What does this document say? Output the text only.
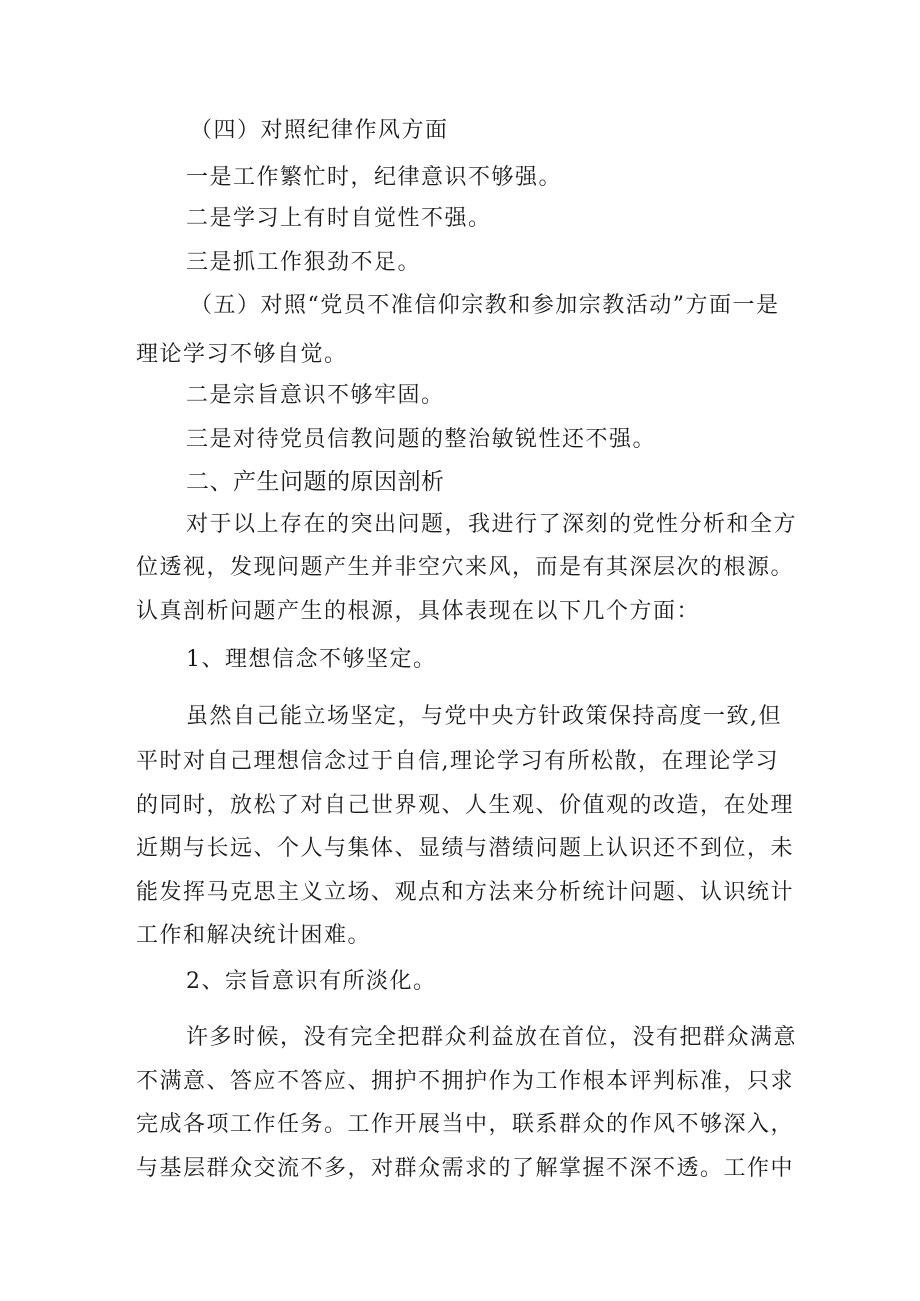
（四）对照纪律作风方面
一是工作繁忙时，纪律意识不够强。
二是学习上有时自觉性不强。
三是抓工作狠劲不足。
（五）对照“党员不准信仰宗教和参加宗教活动”方面一是
理论学习不够自觉。
二是宗旨意识不够牢固。
三是对待党员信教问题的整治敏锐性还不强。
二、产生问题的原因剖析
对于以上存在的突出问题，我进行了深刻的党性分析和全方
位透视，发现问题产生并非空穴来风，而是有其深层次的根源。
认真剖析问题产生的根源，具体表现在以下几个方面：
1、理想信念不够坚定。
虽然自己能立场坚定，与党中央方针政策保持高度一致,但
平时对自己理想信念过于自信,理论学习有所松散，在理论学习
的同时，放松了对自己世界观、人生观、价值观的改造，在处理
近期与长远、个人与集体、显绩与潜绩问题上认识还不到位，未
能发挥马克思主义立场、观点和方法来分析统计问题、认识统计
工作和解决统计困难。
2、宗旨意识有所淡化。
许多时候，没有完全把群众利益放在首位，没有把群众满意
不满意、答应不答应、拥护不拥护作为工作根本评判标准，只求
完成各项工作任务。工作开展当中，联系群众的作风不够深入，
与基层群众交流不多，对群众需求的了解掌握不深不透。工作中
